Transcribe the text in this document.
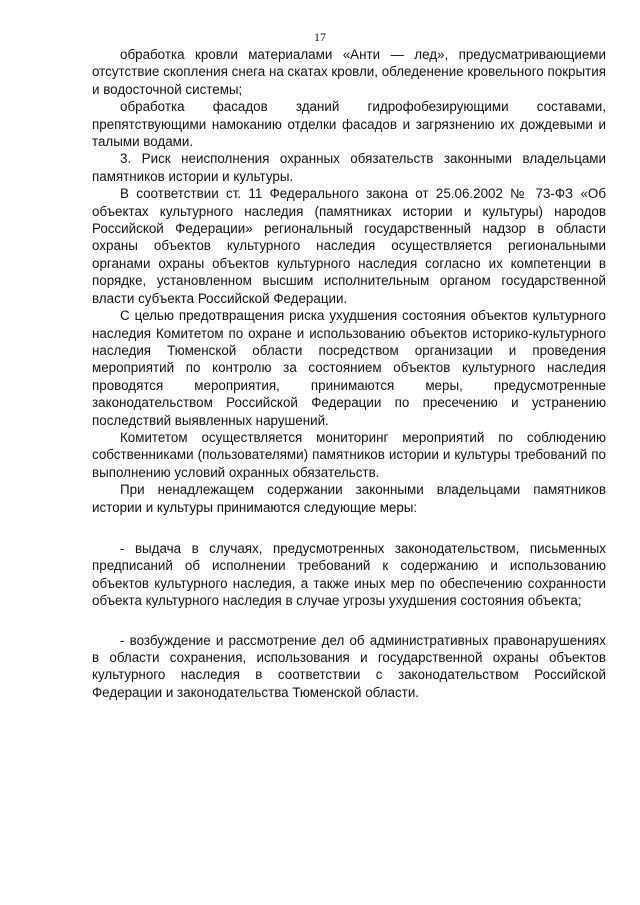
17

обработка кровли материалами «Анти — лед», предусматривающиеми отсутствие скопления снега на скатах кровли, обледенение кровельного покрытия и водосточной системы;

обработка фасадов зданий гидрофобезирующими составами, препятствующими намоканию отделки фасадов и загрязнению их дождевыми и талыми водами.

3. Риск неисполнения охранных обязательств законными владельцами памятников истории и культуры.

В соответствии ст. 11 Федерального закона от 25.06.2002 № 73-ФЗ «Об объектах культурного наследия (памятниках истории и культуры) народов Российской Федерации» региональный государственный надзор в области охраны объектов культурного наследия осуществляется региональными органами охраны объектов культурного наследия согласно их компетенции в порядке, установленном высшим исполнительным органом государственной власти субъекта Российской Федерации.

С целью предотвращения риска ухудшения состояния объектов культурного наследия Комитетом по охране и использованию объектов историко-культурного наследия Тюменской области посредством организации и проведения мероприятий по контролю за состоянием объектов культурного наследия проводятся мероприятия, принимаются меры, предусмотренные законодательством Российской Федерации по пресечению и устранению последствий выявленных нарушений.

Комитетом осуществляется мониторинг мероприятий по соблюдению собственниками (пользователями) памятников истории и культуры требований по выполнению условий охранных обязательств.

При ненадлежащем содержании законными владельцами памятников истории и культуры принимаются следующие меры:

- выдача в случаях, предусмотренных законодательством, письменных предписаний об исполнении требований к содержанию и использованию объектов культурного наследия, а также иных мер по обеспечению сохранности объекта культурного наследия в случае угрозы ухудшения состояния объекта;

- возбуждение и рассмотрение дел об административных правонарушениях в области сохранения, использования и государственной охраны объектов культурного наследия в соответствии с законодательством Российской Федерации и законодательства Тюменской области.
